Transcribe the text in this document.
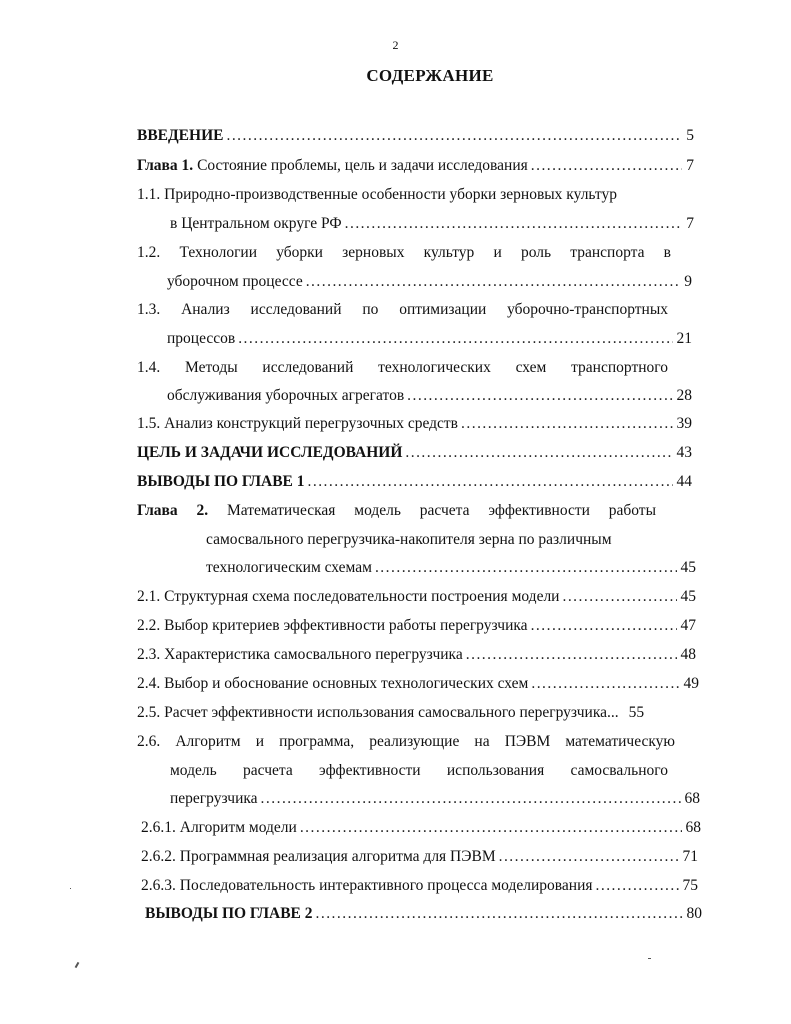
2
СОДЕРЖАНИЕ
ВВЕДЕНИЕ . . .	5
Глава 1. Состояние проблемы, цель и задачи исследования . . .	7
1.1. Природно-производственные особенности уборки зерновых культур
в Центральном округе РФ . . .	7
1.2. Технологии уборки зерновых культур и роль транспорта в
уборочном процессе . . .	9
1.3. Анализ исследований по оптимизации уборочно-транспортных
процессов . . .	21
1.4. Методы исследований технологических схем транспортного
обслуживания уборочных агрегатов . . .	28
1.5. Анализ конструкций перегрузочных средств . . .	39
ЦЕЛЬ И ЗАДАЧИ ИССЛЕДОВАНИЙ . . .	43
ВЫВОДЫ ПО ГЛАВЕ 1 . . .	44
Глава 2. Математическая модель расчета эффективности работы
самосвального перегрузчика-накопителя зерна по различным
технологическим схемам . . .	45
2.1. Структурная схема последовательности построения модели . . .	45
2.2. Выбор критериев эффективности работы перегрузчика . . .	47
2.3. Характеристика самосвального перегрузчика . . .	48
2.4. Выбор и обоснование основных технологических схем . . .	49
2.5. Расчет эффективности использования самосвального перегрузчика... 55
2.6. Алгоритм и программа, реализующие на ПЭВМ математическую
модель расчета эффективности использования самосвального
перегрузчика . . .	68
2.6.1. Алгоритм модели . . .	68
2.6.2. Программная реализация алгоритма для ПЭВМ . . .	71
2.6.3. Последовательность интерактивного процесса моделирования . . .	75
ВЫВОДЫ ПО ГЛАВЕ 2 . . .	80
